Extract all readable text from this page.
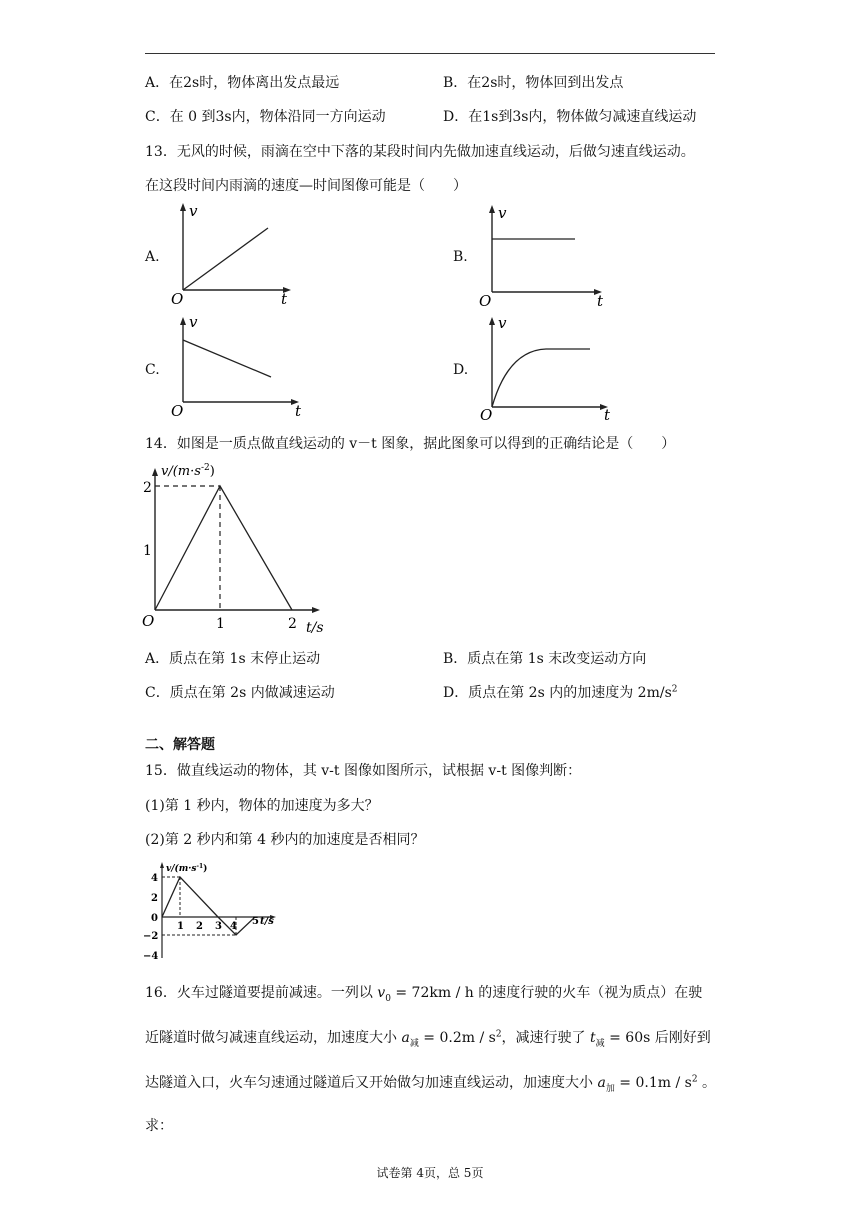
A．在2s时，物体离出发点最远	B．在2s时，物体回到出发点
C．在 0 到3s内，物体沿同一方向运动	D．在1s到3s内，物体做匀减速直线运动
13．无风的时候，雨滴在空中下落的某段时间内先做加速直线运动，后做匀速直线运动。
在这段时间内雨滴的速度—时间图像可能是（　　）
A.	B.
C.	D.
v
t
O
v
t
O
v
t
O
v
t
O
14．如图是一质点做直线运动的 v－t 图象，据此图象可以得到的正确结论是（　　）
$v/(m\cdot s^{-2})$
2
1
O	1	2 t/s
A．质点在第 1s 末停止运动	B．质点在第 1s 末改变运动方向
C．质点在第 2s 内做减速运动	D．质点在第 2s 内的加速度为 $2m/s^2$
二、解答题
15．做直线运动的物体，其 v-t 图像如图所示，试根据 v-t 图像判断：
(1)第 1 秒内，物体的加速度为多大？
(2)第 2 秒内和第 4 秒内的加速度是否相同？
$v/(m\cdot s^{-1})$
4
2
0
−2
−4
1 2 3 4 5 t/s
16．火车过隧道要提前减速。一列以 $v_0 = 72km / h$ 的速度行驶的火车（视为质点）在驶
近隧道时做匀减速直线运动，加速度大小 $a_减 = 0.2m / s^2$，减速行驶了 $t_减 = 60s$ 后刚好到
达隧道入口，火车匀速通过隧道后又开始做匀加速直线运动，加速度大小 $a_加 = 0.1m / s^2$ 。
求：
试卷第 4页，总 5页
